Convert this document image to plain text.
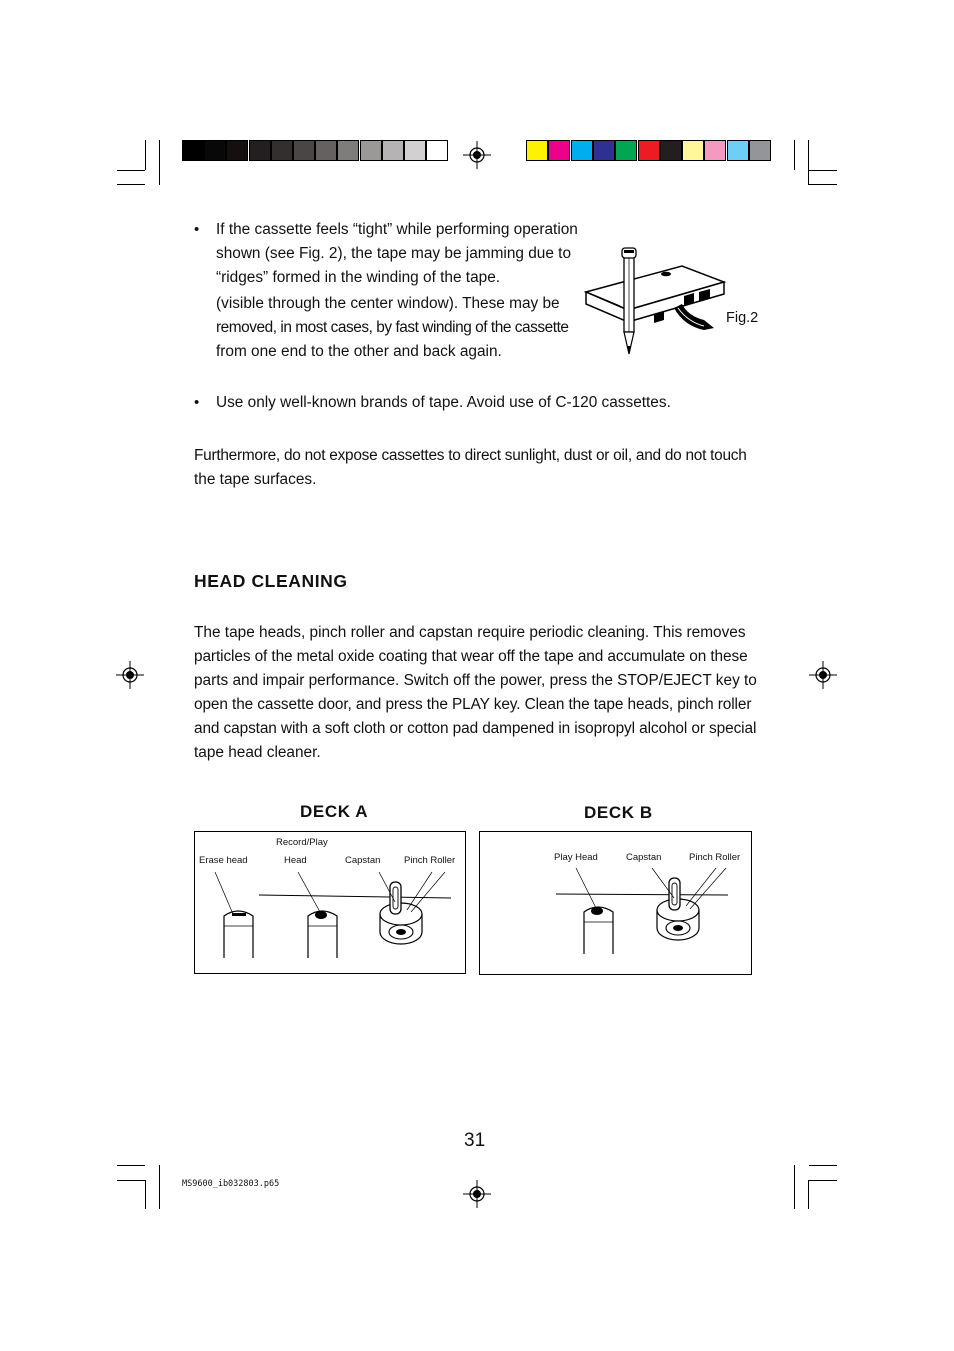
• If the cassette feels “tight” while performing operation
shown (see Fig. 2), the tape may be jamming due to
“ridges” formed in the winding of the tape.
(visible through the center window). These may be
removed, in most cases, by fast winding of the cassette
from one end to the other and back again.
Fig.2
• Use only well-known brands of tape. Avoid use of C-120 cassettes.
Furthermore, do not expose cassettes to direct sunlight, dust or oil, and do not touch
the tape surfaces.
HEAD CLEANING
The tape heads, pinch roller and capstan require periodic cleaning. This removes
particles of the metal oxide coating that wear off the tape and accumulate on these
parts and impair performance. Switch off the power, press the STOP/EJECT key to
open the cassette door, and press the PLAY key. Clean the tape heads, pinch roller
and capstan with a soft cloth or cotton pad dampened in isopropyl alcohol or special
tape head cleaner.
DECK A	DECK B
Record/Play
Erase head	Head	Capstan Pinch Roller	Play Head	Capstan	Pinch Roller
31
MS9600_ib032803.p65
